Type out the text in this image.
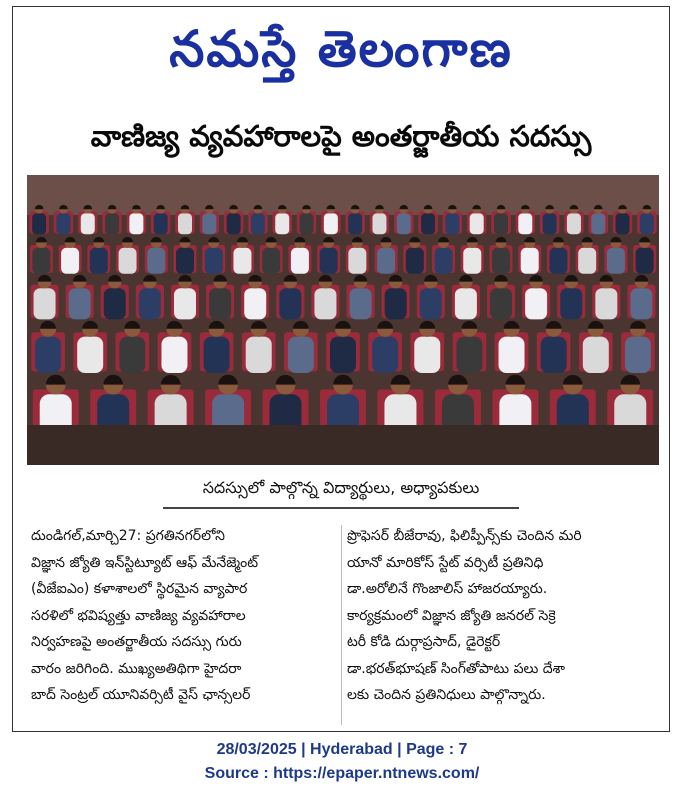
నమస్తే తెలంగాణ
వాణిజ్య వ్యవహారాలపై అంతర్జాతీయ సదస్సు
సదస్సులో పాల్గొన్న విద్యార్థులు, అధ్యాపకులు
దుండిగల్,మార్చి27: ప్రగతినగర్‌లోని
విజ్ఞాన జ్యోతి ఇన్‌స్టిట్యూట్ ఆఫ్ మేనేజ్మెంట్
(వీజేఐఎం) కళాశాలలో స్థిరమైన వ్యాపార
సరళిలో భవిష్యత్తు వాణిజ్య వ్యవహారాల
నిర్వహణపై అంతర్జాతీయ సదస్సు గురు
వారం జరిగింది. ముఖ్యఅతిథిగా హైదరా
బాద్ సెంట్రల్ యూనివర్సిటీ వైస్ ఛాన్సలర్
ప్రొఫెసర్ బీజేరావు, ఫిలిప్పీన్స్‌కు చెందిన మరి
యానో మారికోస్ స్టేట్ వర్సిటీ ప్రతినిధి
డా.అరోలినే గొంజాలిస్ హాజరయ్యారు.
కార్యక్రమంలో విజ్ఞాన జ్యోతి జనరల్ సెక్రె
టరీ కోడి దుర్గాప్రసాద్, డైరెక్టర్
డా.భరత్‌భూషణ్ సింగ్‌తోపాటు పలు దేశా
లకు చెందిన ప్రతినిధులు పాల్గొన్నారు.
28/03/2025 | Hyderabad | Page : 7
Source : https://epaper.ntnews.com/
